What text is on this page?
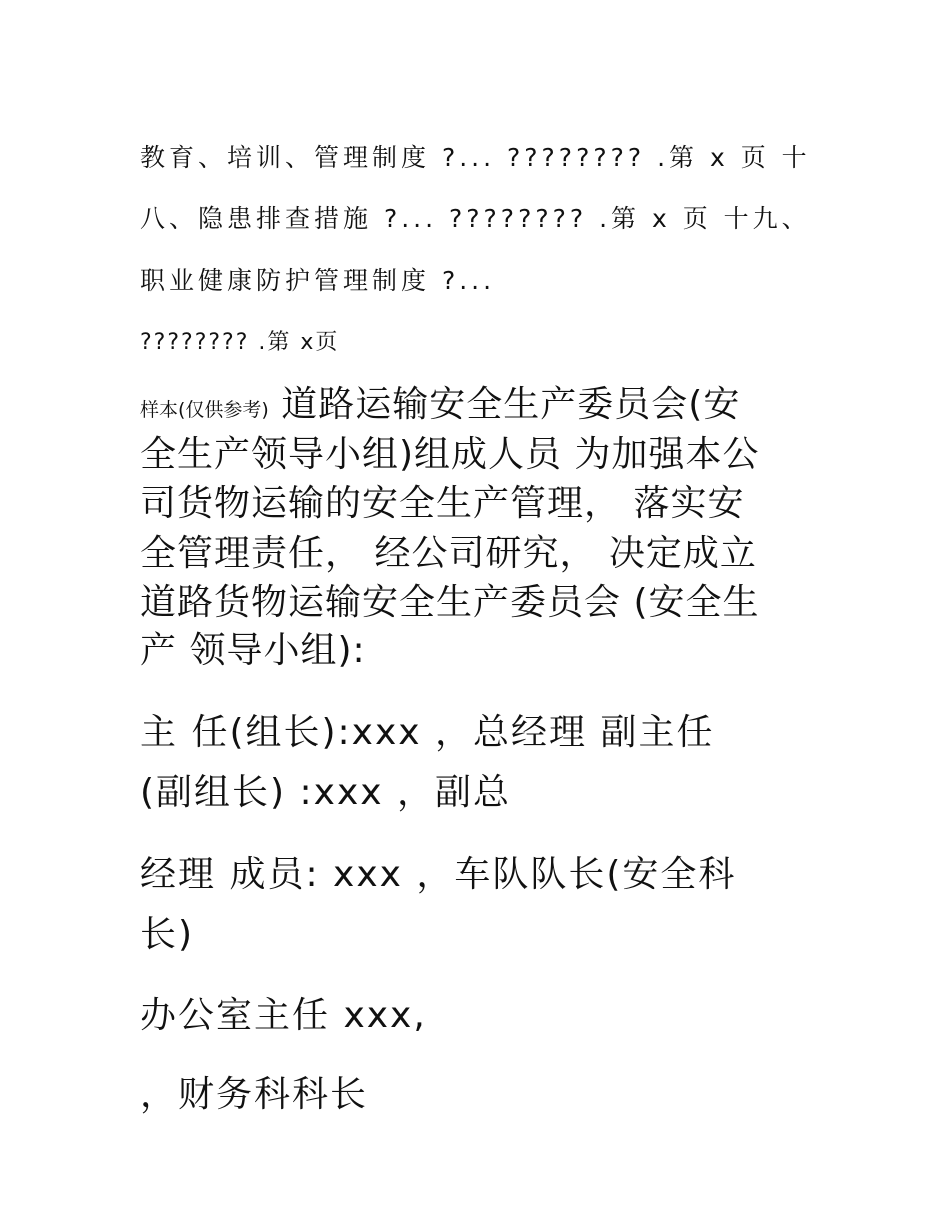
教育、培训、管理制度 ?... ???????? .第 x 页 十

八、隐患排查措施 ?... ???????? .第 x 页 十九、

职业健康防护管理制度 ?...

???????? .第 x页

样本(仅供参考) 道路运输安全生产委员会(安

全生产领导小组)组成人员 为加强本公

司货物运输的安全生产管理， 落实安

全管理责任， 经公司研究， 决定成立

道路货物运输安全生产委员会 (安全生

产 领导小组):

主 任(组长):xxx ，总经理 副主任

(副组长) :xxx ，副总

经理 成员: xxx ，车队队长(安全科

长)

办公室主任 xxx,

，财务科科长
